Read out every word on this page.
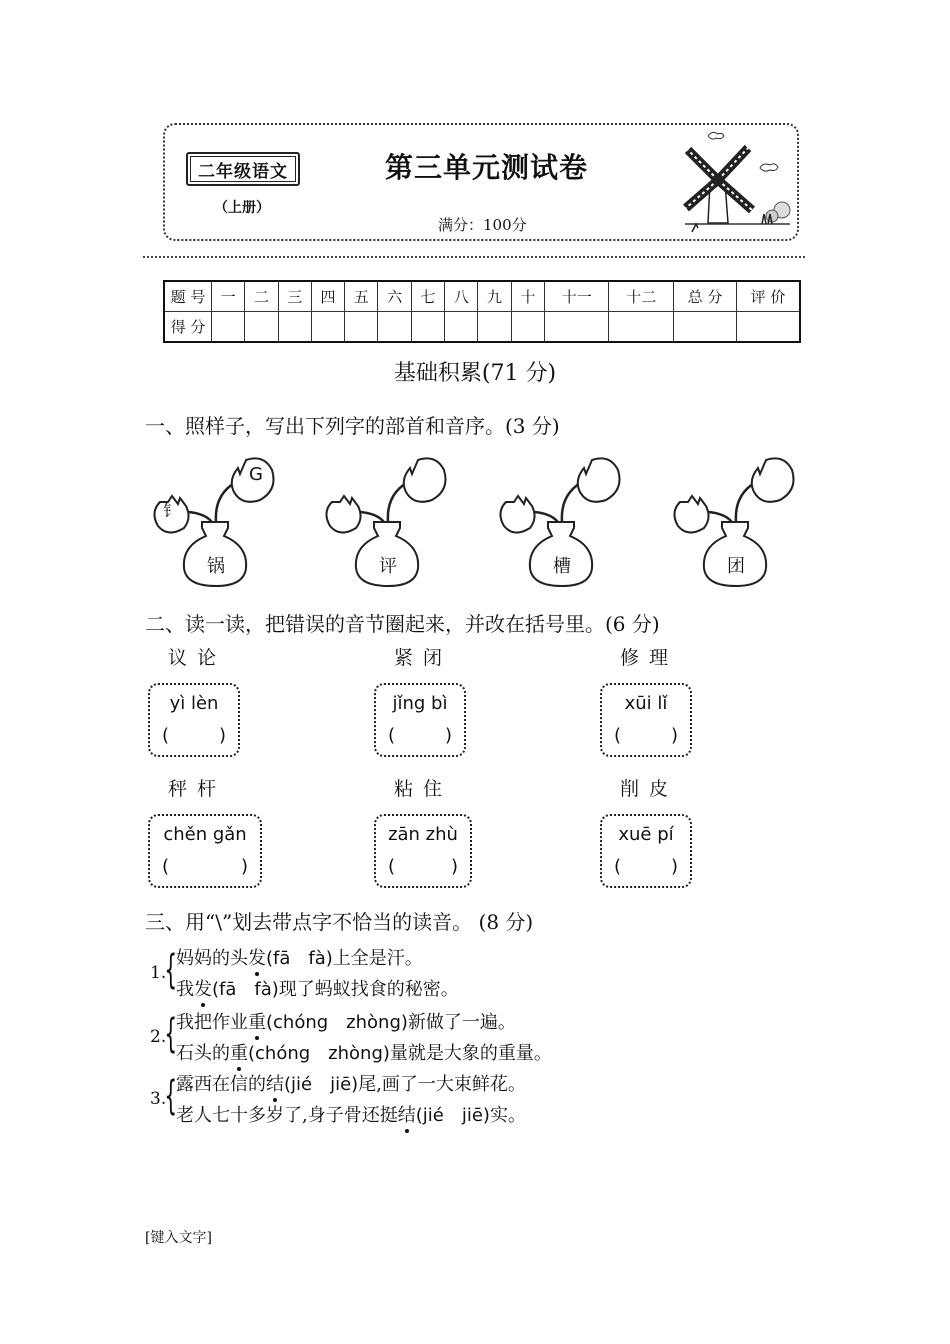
二年级语文
（上册）
第三单元测试卷
满分：100分
题 号	一	二	三	四	五	六	七	八	九	十	十一	十二	总 分	评 价
得 分														
基础积累(71 分)
一、照样子，写出下列字的部首和音序。(3 分)
锅
钅
G
评	槽	团
二、读一读，把错误的音节圈起来，并改在括号里。(6 分)
议论
yì lèn
(	)
紧闭
jǐng bì
(	)
修理
xūi lǐ
(	)
秤杆
chěn gǎn
(	)
粘住
zān zhù
(	)
削皮
xuē pí
(	)
三、用“\”划去带点字不恰当的读音。 (8 分)
1.
{
妈妈的头发(fā　fà)上全是汗。
我发(fā　fà)现了蚂蚁找食的秘密。
2.
{
我把作业重(chóng　zhòng)新做了一遍。
石头的重(chóng　zhòng)量就是大象的重量。
3.
{
露西在信的结(jié　jiē)尾,画了一大束鲜花。
老人七十多岁了,身子骨还挺结(jié　jiē)实。
[键入文字]
